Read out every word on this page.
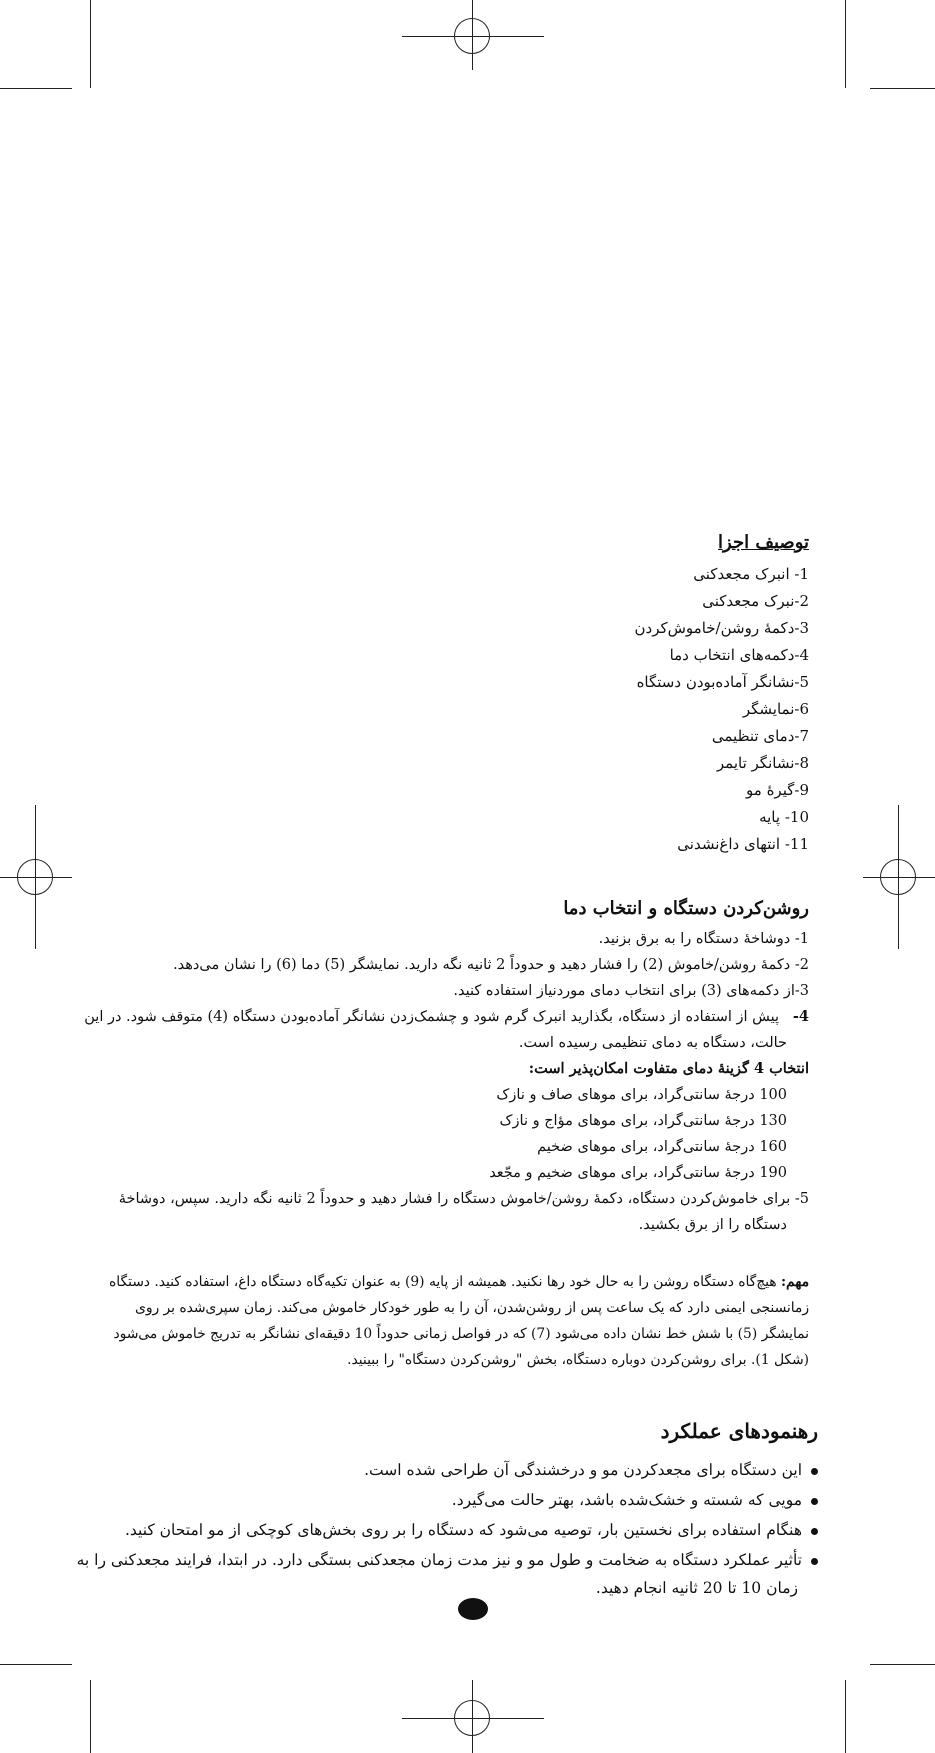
توصیف اجزا
1- انبرک مجعدکنی
2-نبرک مجعدکنی
3-دکمۀ روشن/خاموش‌کردن
4-دکمه‌های انتخاب دما
5-نشانگر آماده‌بودن دستگاه
6-نمایشگر
7-دمای تنظیمی
8-نشانگر تایمر
9-گیرۀ مو
10- پایه
11- انتهای داغ‌نشدنی
روشن‌کردن دستگاه و انتخاب دما
1- دوشاخۀ دستگاه را به برق بزنید.
2- دکمۀ روشن/خاموش (2) را فشار دهید و حدوداً 2 ثانیه نگه دارید. نمایشگر (5) دما (6) را نشان می‌دهد.
3-از دکمه‌های (3) برای انتخاب دمای موردنیاز استفاده کنید.
4-   پیش از استفاده از دستگاه، بگذارید انبرک گرم شود و چشمک‌زدن نشانگر آماده‌بودن دستگاه (4) متوقف شود. در این
حالت، دستگاه به دمای تنظیمی رسیده است.
انتخاب 4 گزینۀ دمای متفاوت امکان‌پذیر است:
100 درجۀ سانتی‌گراد، برای موهای صاف و نازک
130 درجۀ سانتی‌گراد، برای موهای مؤاج و نازک
160 درجۀ سانتی‌گراد، برای موهای ضخیم
190 درجۀ سانتی‌گراد، برای موهای ضخیم و مجّعد
5- برای خاموش‌کردن دستگاه، دکمۀ روشن/خاموش دستگاه را فشار دهید و حدوداً 2 ثانیه نگه دارید. سپس، دوشاخۀ
دستگاه را از برق بکشید.
مهم: هیچ‌گاه دستگاه روشن را به حال خود رها نکنید. همیشه از پایه (9) به عنوان تکیه‌گاه دستگاه داغ، استفاده کنید. دستگاه
زمانسنجی ایمنی دارد که یک ساعت پس از روشن‌شدن، آن را به طور خودکار خاموش می‌کند. زمان سپری‌شده بر روی
نمایشگر (5) با شش خط نشان داده می‌شود (7) که در فواصل زمانی حدوداً 10 دقیقه‌ای نشانگر به تدریج خاموش می‌شود
(شکل 1). برای روشن‌کردن دوباره دستگاه، بخش "روشن‌کردن دستگاه" را ببینید.
رهنمودهای عملکرد
این دستگاه برای مجعدکردن مو و درخشندگی آن طراحی شده است.
مویی که شسته و خشک‌شده باشد، بهتر حالت می‌گیرد.
هنگام استفاده برای نخستین بار، توصیه می‌شود که دستگاه را بر روی بخش‌های کوچکی از مو امتحان کنید.
تأثیر عملکرد دستگاه به ضخامت و طول مو و نیز مدت زمان مجعدکنی بستگی دارد. در ابتدا، فرایند مجعدکنی را به
زمان 10 تا 20 ثانیه انجام دهید.
